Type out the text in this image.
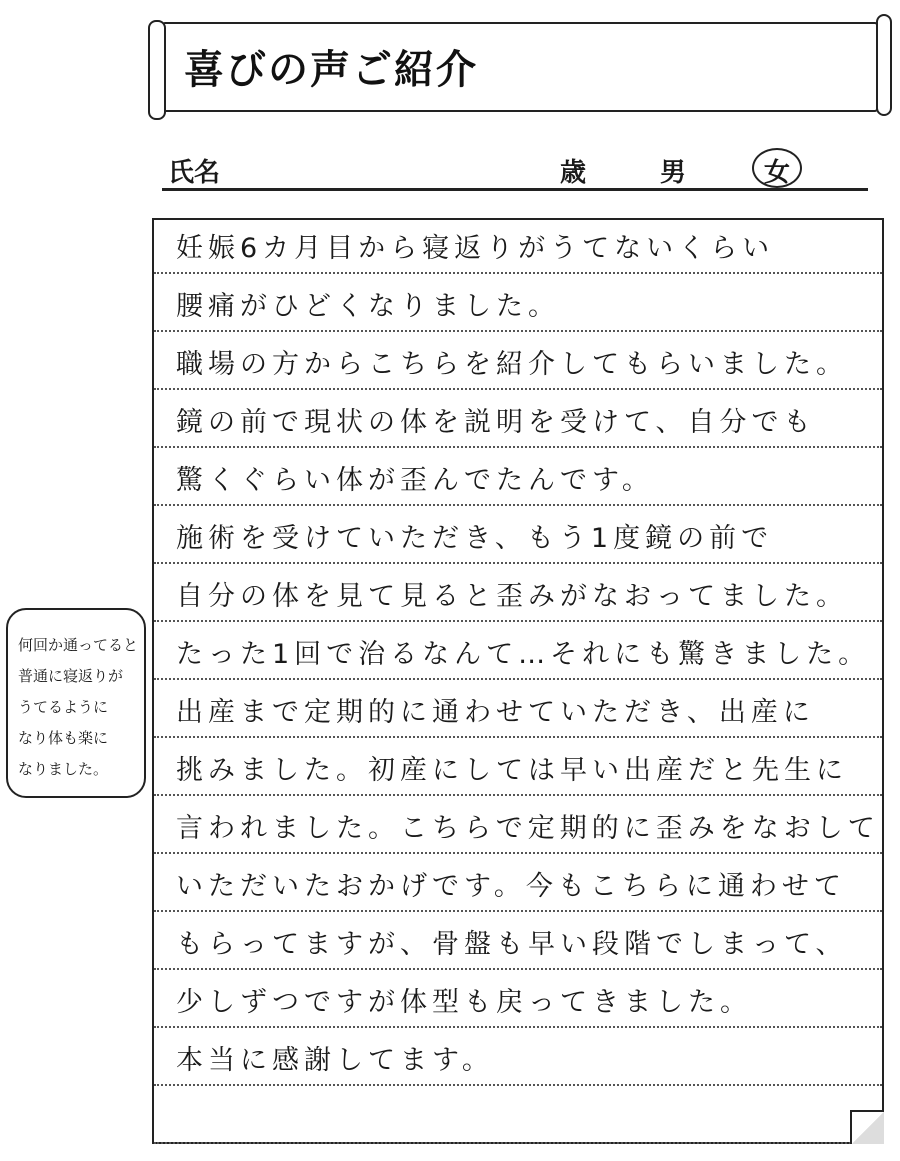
喜びの声ご紹介
氏名	歳	男	女
妊娠6カ月目から寝返りがうてないくらい
腰痛がひどくなりました。
職場の方からこちらを紹介してもらいました。
鏡の前で現状の体を説明を受けて、自分でも
驚くぐらい体が歪んでたんです。
施術を受けていただき、もう1度鏡の前で
自分の体を見て見ると歪みがなおってました。
たった1回で治るなんて…それにも驚きました。
出産まで定期的に通わせていただき、出産に
挑みました。初産にしては早い出産だと先生に
言われました。こちらで定期的に歪みをなおして
いただいたおかげです。今もこちらに通わせて
もらってますが、骨盤も早い段階でしまって、
少しずつですが体型も戻ってきました。
本当に感謝してます。
何回か通ってると
普通に寝返りが
うてるように
なり体も楽に
なりました。
